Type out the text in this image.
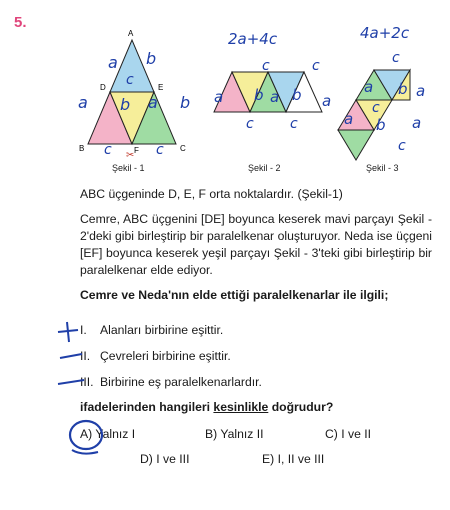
5.
A
D	E
B	F	C
✂
2a+4c	4a+2c
a b
c
a b a b
c	c
c	c
a b a b a
c	c
c
a b a
c
a b a
c
Şekil - 1	Şekil - 2	Şekil - 3

ABC üçgeninde D, E, F orta noktalardır. (Şekil-1)

Cemre, ABC üçgenini [DE] boyunca keserek mavi parçayı Şekil - 2'deki gibi birleştirip bir paralelkenar oluşturuyor. Neda ise üçgeni [EF] boyunca keserek yeşil parçayı Şekil - 3'teki gibi birleştirip bir paralelkenar elde ediyor.

Cemre ve Neda'nın elde ettiği paralelkenarlar ile ilgili;

I. Alanları birbirine eşittir.
II. Çevreleri birbirine eşittir.
III. Birbirine eş paralelkenarlardır.
ifadelerinden hangileri kesinlikle doğrudur?
A) Yalnız I	B) Yalnız II	C) I ve II
D) I ve III	E) I, II ve III
